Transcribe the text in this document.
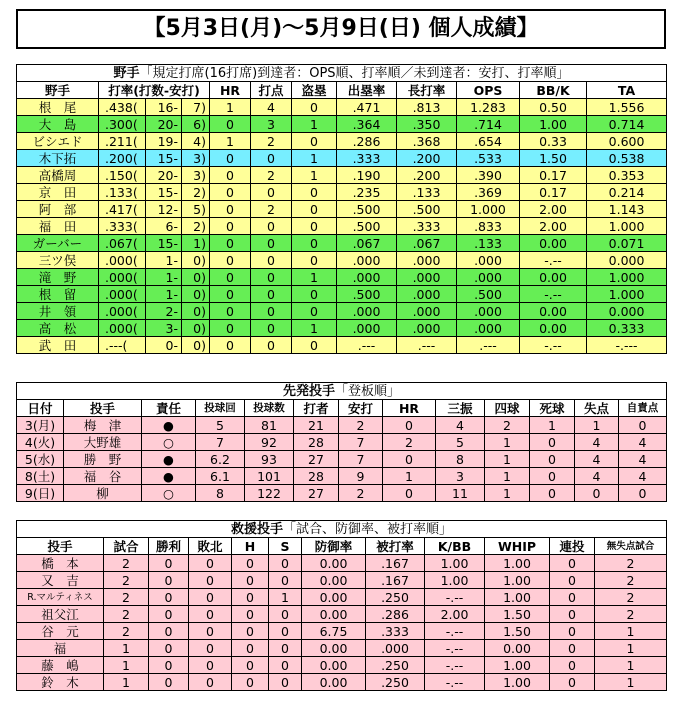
【5月3日(月)〜5月9日(日) 個人成績】
野手「規定打席(16打席)到達者：OPS順、打率順／未到達者：安打、打率順」											
野手	打率(打数-安打)			HR	打点	盗塁	出塁率	長打率	OPS	BB/K	TA
根　尾	.438(	16-	7)	1	4	0	.471	.813	1.283	0.50	1.556
大　島	.300(	20-	6)	0	3	1	.364	.350	.714	1.00	0.714
ビシエド	.211(	19-	4)	1	2	0	.286	.368	.654	0.33	0.600
木下拓	.200(	15-	3)	0	0	1	.333	.200	.533	1.50	0.538
高橋周	.150(	20-	3)	0	2	1	.190	.200	.390	0.17	0.353
京　田	.133(	15-	2)	0	0	0	.235	.133	.369	0.17	0.214
阿　部	.417(	12-	5)	0	2	0	.500	.500	1.000	2.00	1.143
福　田	.333(	6-	2)	0	0	0	.500	.333	.833	2.00	1.000
ガーバー	.067(	15-	1)	0	0	0	.067	.067	.133	0.00	0.071
三ツ俣	.000(	1-	0)	0	0	0	.000	.000	.000	-.--	0.000
滝　野	.000(	1-	0)	0	0	1	.000	.000	.000	0.00	1.000
根　留	.000(	1-	0)	0	0	0	.500	.000	.500	-.--	1.000
井　領	.000(	2-	0)	0	0	0	.000	.000	.000	0.00	0.000
高　松	.000(	3-	0)	0	0	1	.000	.000	.000	0.00	0.333
武　田	.---(	0-	0)	0	0	0	.---	.---	.---	-.--	-.---
先発投手「登板順」												
日付	投手	責任	投球回	投球数	打者	安打	HR	三振	四球	死球	失点	自責点
3(月)	梅　津	●	5	81	21	2	0	4	2	1	1	0
4(火)	大野雄	○	7	92	28	7	2	5	1	0	4	4
5(水)	勝　野	●	6.2	93	27	7	0	8	1	0	4	4
8(土)	福　谷	●	6.1	101	28	9	1	3	1	0	4	4
9(日)	柳	○	8	122	27	2	0	11	1	0	0	0
救援投手「試合、防御率、被打率順」											
投手	試合	勝利	敗北	H	S	防御率	被打率	K/BB	WHIP	連投	無失点試合
橋　本	2	0	0	0	0	0.00	.167	1.00	1.00	0	2
又　吉	2	0	0	0	0	0.00	.167	1.00	1.00	0	2
R.マルティネス	2	0	0	0	1	0.00	.250	-.--	1.00	0	2
祖父江	2	0	0	0	0	0.00	.286	2.00	1.50	0	2
谷　元	2	0	0	0	0	6.75	.333	-.--	1.50	0	1
福	1	0	0	0	0	0.00	.000	-.--	0.00	0	1
藤　嶋	1	0	0	0	0	0.00	.250	-.--	1.00	0	1
鈴　木	1	0	0	0	0	0.00	.250	-.--	1.00	0	1
